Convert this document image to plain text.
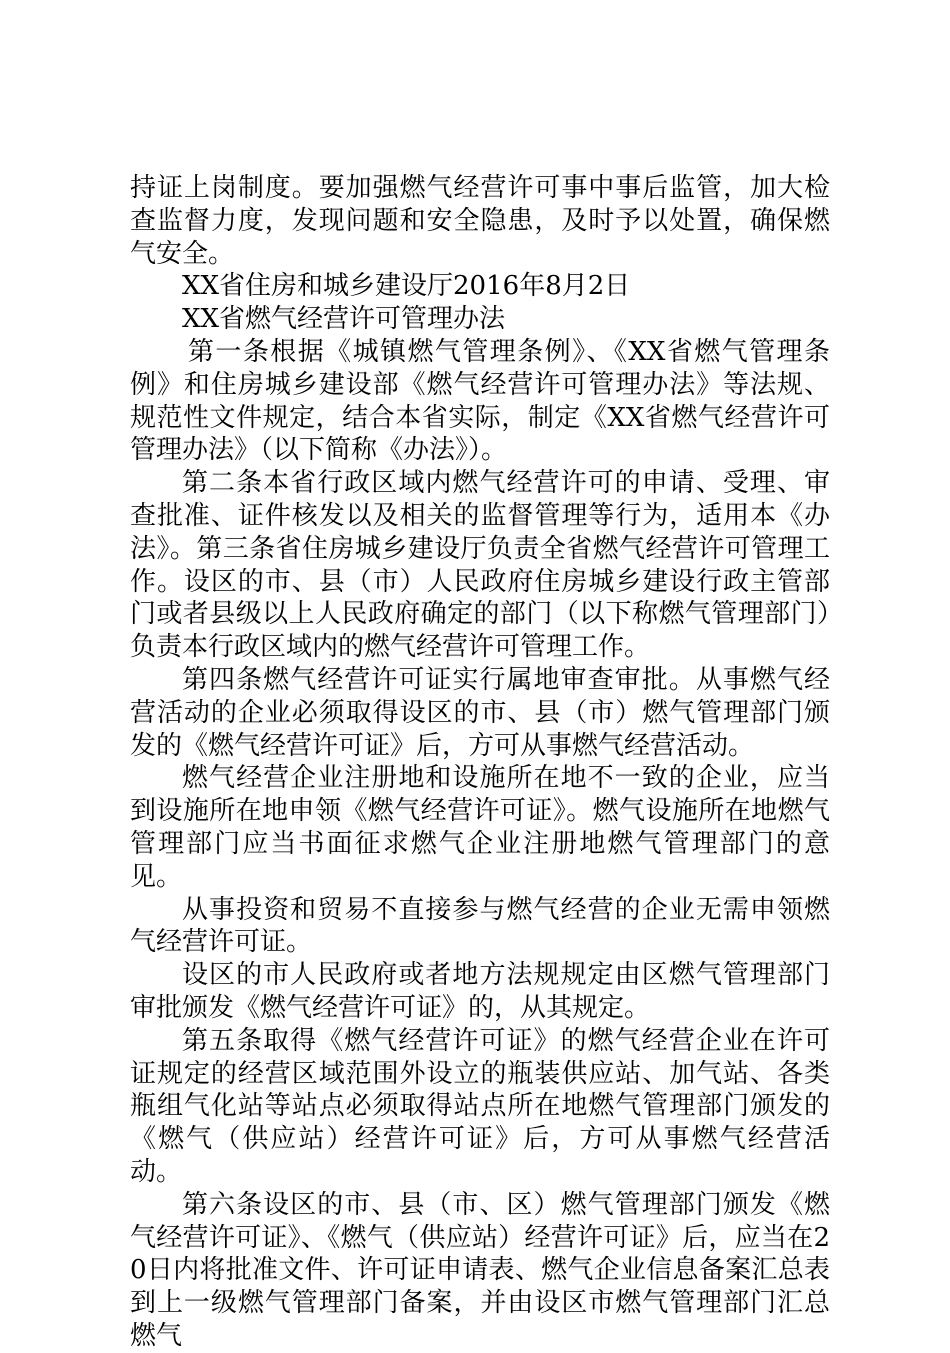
持证上岗制度。要加强燃气经营许可事中事后监管，加大检查监督力度，发现问题和安全隐患，及时予以处置，确保燃气安全。

XX省住房和城乡建设厅2016年8月2日

XX省燃气经营许可管理办法

第一条根据《城镇燃气管理条例》、《XX省燃气管理条例》和住房城乡建设部《燃气经营许可管理办法》等法规、规范性文件规定，结合本省实际，制定《XX省燃气经营许可管理办法》（以下简称《办法》）。

第二条本省行政区域内燃气经营许可的申请、受理、审查批准、证件核发以及相关的监督管理等行为，适用本《办法》。第三条省住房城乡建设厅负责全省燃气经营许可管理工作。设区的市、县（市）人民政府住房城乡建设行政主管部门或者县级以上人民政府确定的部门（以下称燃气管理部门）负责本行政区域内的燃气经营许可管理工作。

第四条燃气经营许可证实行属地审查审批。从事燃气经营活动的企业必须取得设区的市、县（市）燃气管理部门颁发的《燃气经营许可证》后，方可从事燃气经营活动。

燃气经营企业注册地和设施所在地不一致的企业，应当到设施所在地申领《燃气经营许可证》。燃气设施所在地燃气管理部门应当书面征求燃气企业注册地燃气管理部门的意见。

从事投资和贸易不直接参与燃气经营的企业无需申领燃气经营许可证。

设区的市人民政府或者地方法规规定由区燃气管理部门审批颁发《燃气经营许可证》的，从其规定。

第五条取得《燃气经营许可证》的燃气经营企业在许可证规定的经营区域范围外设立的瓶装供应站、加气站、各类瓶组气化站等站点必须取得站点所在地燃气管理部门颁发的《燃气（供应站）经营许可证》后，方可从事燃气经营活动。

第六条设区的市、县（市、区）燃气管理部门颁发《燃气经营许可证》、《燃气（供应站）经营许可证》后，应当在20日内将批准文件、许可证申请表、燃气企业信息备案汇总表到上一级燃气管理部门备案，并由设区市燃气管理部门汇总燃气
